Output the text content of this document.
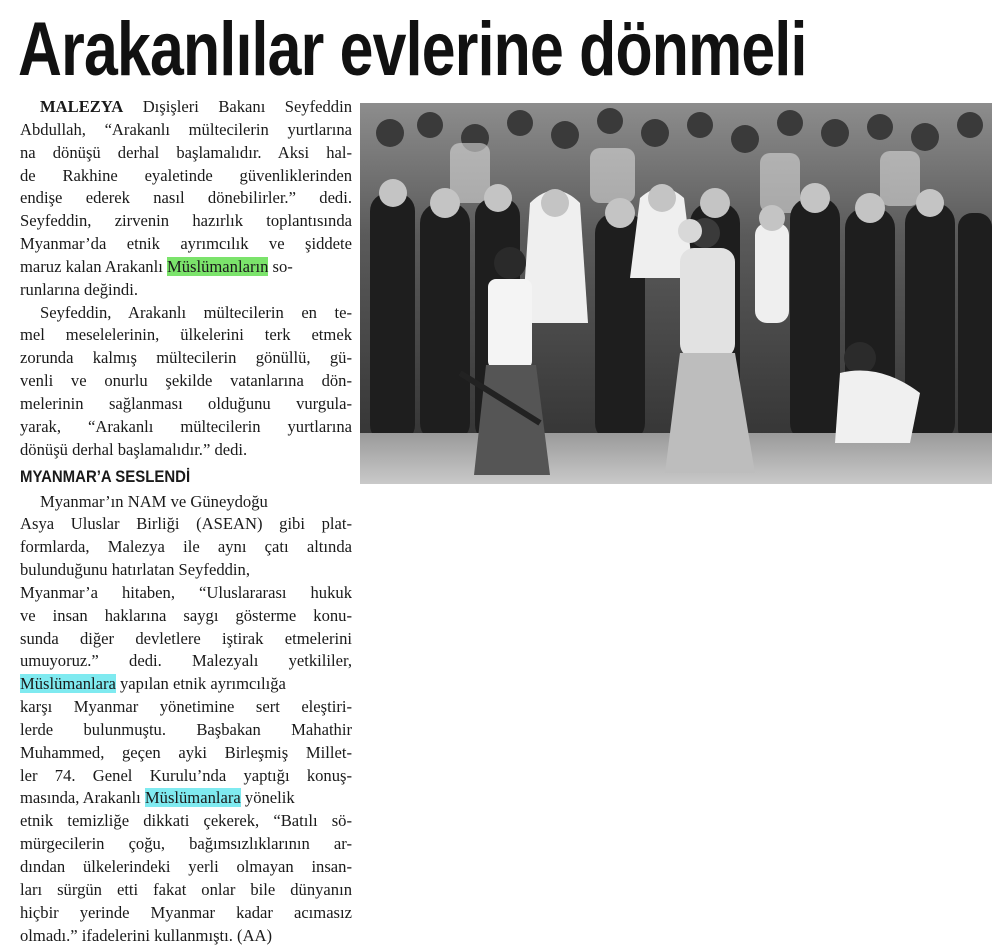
Arakanlılar evlerine dönmeli
MALEZYA Dışişleri Bakanı Seyfeddin
Abdullah, “Arakanlı mültecilerin yurtlarına
na dönüşü derhal başlamalıdır. Aksi hal-
de Rakhine eyaletinde güvenliklerinden
endişe ederek nasıl dönebilirler.” dedi.
Seyfeddin, zirvenin hazırlık toplantısında
Myanmar’da etnik ayrımcılık ve şiddete
maruz kalan Arakanlı Müslümanların so-
runlarına değindi.
Seyfeddin, Arakanlı mültecilerin en te-
mel meselelerinin, ülkelerini terk etmek
zorunda kalmış mültecilerin gönüllü, gü-
venli ve onurlu şekilde vatanlarına dön-
melerinin sağlanması olduğunu vurgula-
yarak, “Arakanlı mültecilerin yurtlarına
dönüşü derhal başlamalıdır.” dedi.
MYANMAR’A SESLENDİ
Myanmar’ın NAM ve Güneydoğu
Asya Uluslar Birliği (ASEAN) gibi plat-
formlarda, Malezya ile aynı çatı altında
bulunduğunu hatırlatan Seyfeddin,
Myanmar’a hitaben, “Uluslararası hukuk
ve insan haklarına saygı gösterme konu-
sunda diğer devletlere iştirak etmelerini
umuyoruz.” dedi. Malezyalı yetkililer,
Müslümanlara yapılan etnik ayrımcılığa
karşı Myanmar yönetimine sert eleştiri-
lerde bulunmuştu. Başbakan Mahathir
Muhammed, geçen ayki Birleşmiş Millet-
ler 74. Genel Kurulu’nda yaptığı konuş-
masında, Arakanlı Müslümanlara yönelik
etnik temizliğe dikkati çekerek, “Batılı sö-
mürgecilerin çoğu, bağımsızlıklarının ar-
dından ülkelerindeki yerli olmayan insan-
ları sürgün etti fakat onlar bile dünyanın
hiçbir yerinde Myanmar kadar acımasız
olmadı.” ifadelerini kullanmıştı. (AA)
